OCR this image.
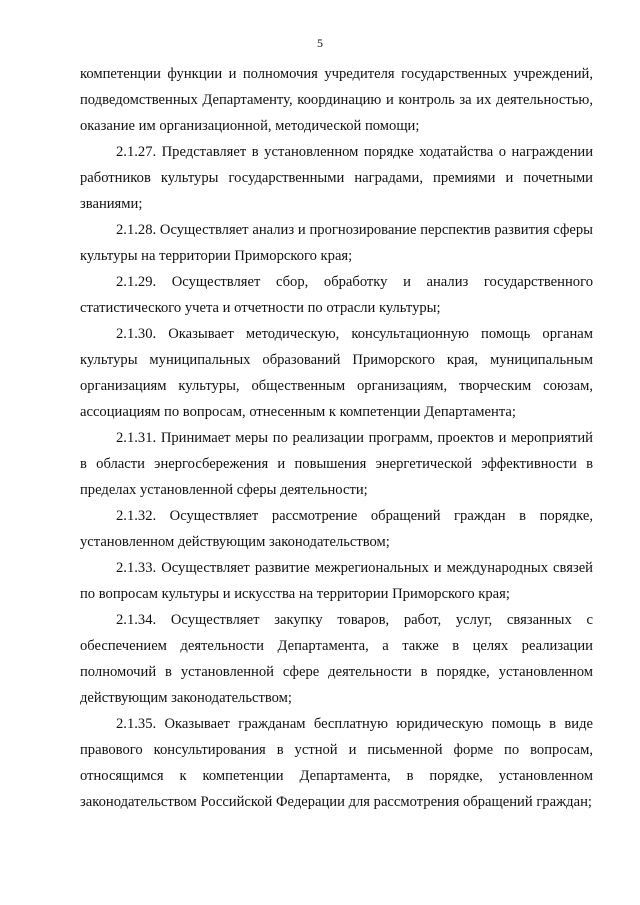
5

компетенции функции и полномочия учредителя государственных учреждений, подведомственных Департаменту, координацию и контроль за их деятельностью, оказание им организационной, методической помощи;

2.1.27. Представляет в установленном порядке ходатайства о награждении работников культуры государственными наградами, премиями и почетными званиями;

2.1.28. Осуществляет анализ и прогнозирование перспектив развития сферы культуры на территории Приморского края;

2.1.29. Осуществляет сбор, обработку и анализ государственного статистического учета и отчетности по отрасли культуры;

2.1.30. Оказывает методическую, консультационную помощь органам культуры муниципальных образований Приморского края, муниципальным организациям культуры, общественным организациям, творческим союзам, ассоциациям по вопросам, отнесенным к компетенции Департамента;

2.1.31. Принимает меры по реализации программ, проектов и мероприятий в области энергосбережения и повышения энергетической эффективности в пределах установленной сферы деятельности;

2.1.32. Осуществляет рассмотрение обращений граждан в порядке, установленном действующим законодательством;

2.1.33. Осуществляет развитие межрегиональных и международных связей по вопросам культуры и искусства на территории Приморского края;

2.1.34. Осуществляет закупку товаров, работ, услуг, связанных с обеспечением деятельности Департамента, а также в целях реализации полномочий в установленной сфере деятельности в порядке, установленном действующим законодательством;

2.1.35. Оказывает гражданам бесплатную юридическую помощь в виде правового консультирования в устной и письменной форме по вопросам, относящимся к компетенции Департамента, в порядке, установленном законодательством Российской Федерации для рассмотрения обращений граждан;
